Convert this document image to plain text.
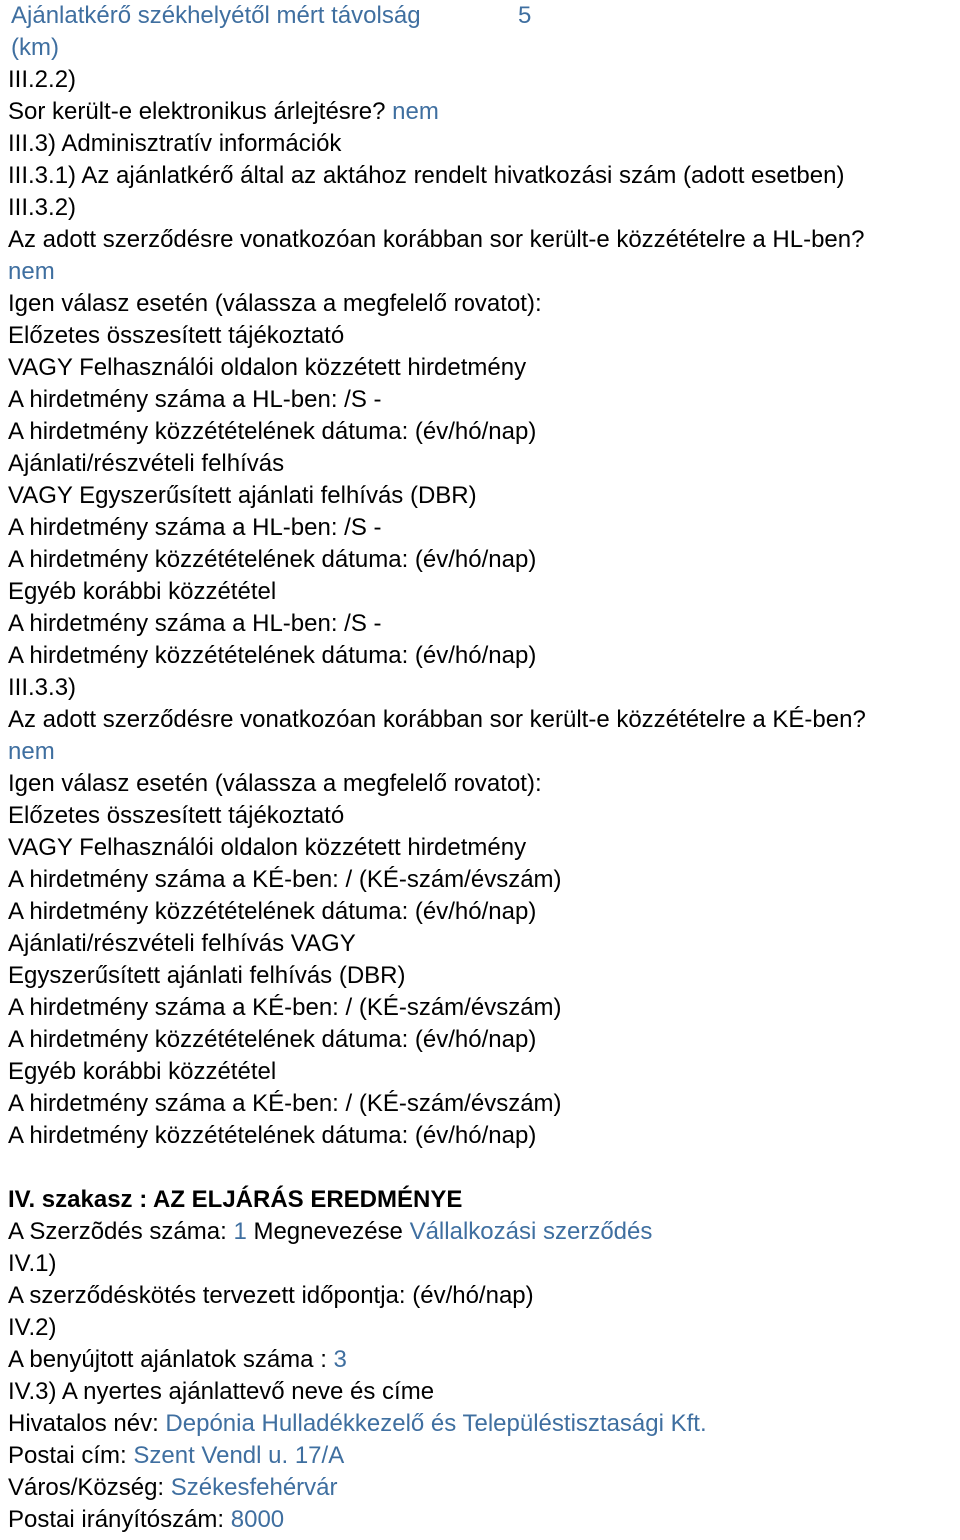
Ajánlatkérő székhelyétől mért távolság
(km)
5
III.2.2)
Sor került-e elektronikus árlejtésre? nem
III.3) Adminisztratív információk
III.3.1) Az ajánlatkérő által az aktához rendelt hivatkozási szám (adott esetben)
III.3.2)
Az adott szerződésre vonatkozóan korábban sor került-e közzétételre a HL-ben?
nem
Igen válasz esetén (válassza a megfelelő rovatot):
Előzetes összesített tájékoztató
VAGY Felhasználói oldalon közzétett hirdetmény
A hirdetmény száma a HL-ben: /S -
A hirdetmény közzétételének dátuma: (év/hó/nap)
Ajánlati/részvételi felhívás
VAGY Egyszerűsített ajánlati felhívás (DBR)
A hirdetmény száma a HL-ben: /S -
A hirdetmény közzétételének dátuma: (év/hó/nap)
Egyéb korábbi közzététel
A hirdetmény száma a HL-ben: /S -
A hirdetmény közzétételének dátuma: (év/hó/nap)
III.3.3)
Az adott szerződésre vonatkozóan korábban sor került-e közzétételre a KÉ-ben?
nem
Igen válasz esetén (válassza a megfelelő rovatot):
Előzetes összesített tájékoztató
VAGY Felhasználói oldalon közzétett hirdetmény
A hirdetmény száma a KÉ-ben: / (KÉ-szám/évszám)
A hirdetmény közzétételének dátuma: (év/hó/nap)
Ajánlati/részvételi felhívás VAGY
Egyszerűsített ajánlati felhívás (DBR)
A hirdetmény száma a KÉ-ben: / (KÉ-szám/évszám)
A hirdetmény közzétételének dátuma: (év/hó/nap)
Egyéb korábbi közzététel
A hirdetmény száma a KÉ-ben: / (KÉ-szám/évszám)
A hirdetmény közzétételének dátuma: (év/hó/nap)
IV. szakasz : AZ ELJÁRÁS EREDMÉNYE
A Szerzõdés száma: 1 Megnevezése Vállalkozási szerződés
IV.1)
A szerződéskötés tervezett időpontja: (év/hó/nap)
IV.2)
A benyújtott ajánlatok száma : 3
IV.3) A nyertes ajánlattevő neve és címe
Hivatalos név: Depónia Hulladékkezelő és Településtisztasági Kft.
Postai cím: Szent Vendl u. 17/A
Város/Község: Székesfehérvár
Postai irányítószám: 8000
